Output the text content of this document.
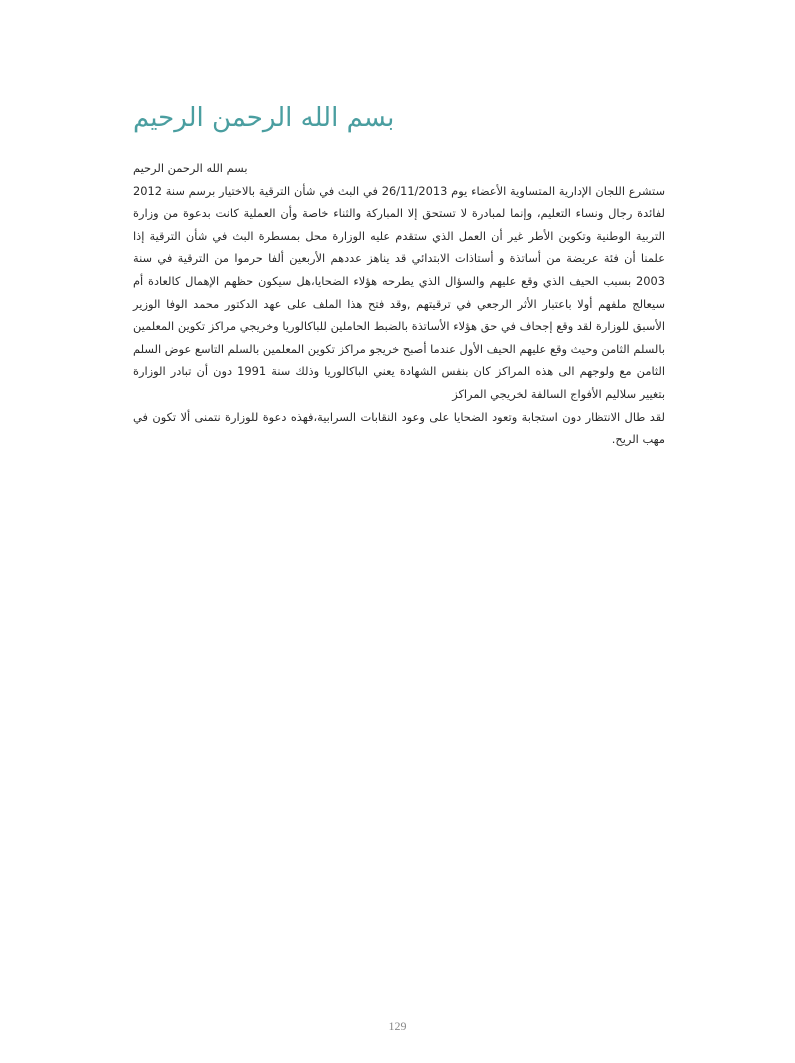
بسم الله الرحمن الرحيم

بسم الله الرحمن الرحيم

ستشرع اللجان الإدارية المتساوية الأعضاء يوم 26/11/2013 في البث في شأن الترقية بالاختيار برسم سنة 2012 لفائدة رجال ونساء التعليم، وإنما لمبادرة لا تستحق إلا المباركة والثناء خاصة وأن العملية كانت بدعوة من وزارة التربية الوطنية وتكوين الأطر غير أن العمل الذي ستقدم عليه الوزارة محل بمسطرة البث في شأن الترقية إذا علمنا أن فئة عريضة من أساتذة و أستاذات الابتدائي قد يناهز عددهم الأربعين ألفا حرموا من الترقية في سنة 2003 بسبب الحيف الذي وقع عليهم والسؤال الذي يطرحه هؤلاء الضحايا،هل سيكون حظهم الإهمال كالعادة أم سيعالج ملفهم أولا باعتبار الأثر الرجعي في ترقيتهم ,وقد فتح هذا الملف على عهد الدكتور محمد الوفا الوزير الأسبق للوزارة لقد وقع إجحاف في حق هؤلاء الأساتذة بالضبط الحاملين للباكالوريا وخريجي مراكز تكوين المعلمين بالسلم الثامن وحيث وقع عليهم الحيف الأول عندما أصبح خريجو مراكز تكوين المعلمين بالسلم التاسع عوض السلم الثامن مع ولوجهم الى هذه المراكز كان بنفس الشهادة يعني الباكالوريا وذلك سنة 1991 دون أن تبادر الوزارة بتغيير سلاليم الأفواج السالفة لخريجي المراكز

لقد طال الانتظار دون استجابة وتعود الضحايا على وعود النقابات السرابية،فهذه دعوة للوزارة نتمنى ألا تكون في مهب الريح.

129
